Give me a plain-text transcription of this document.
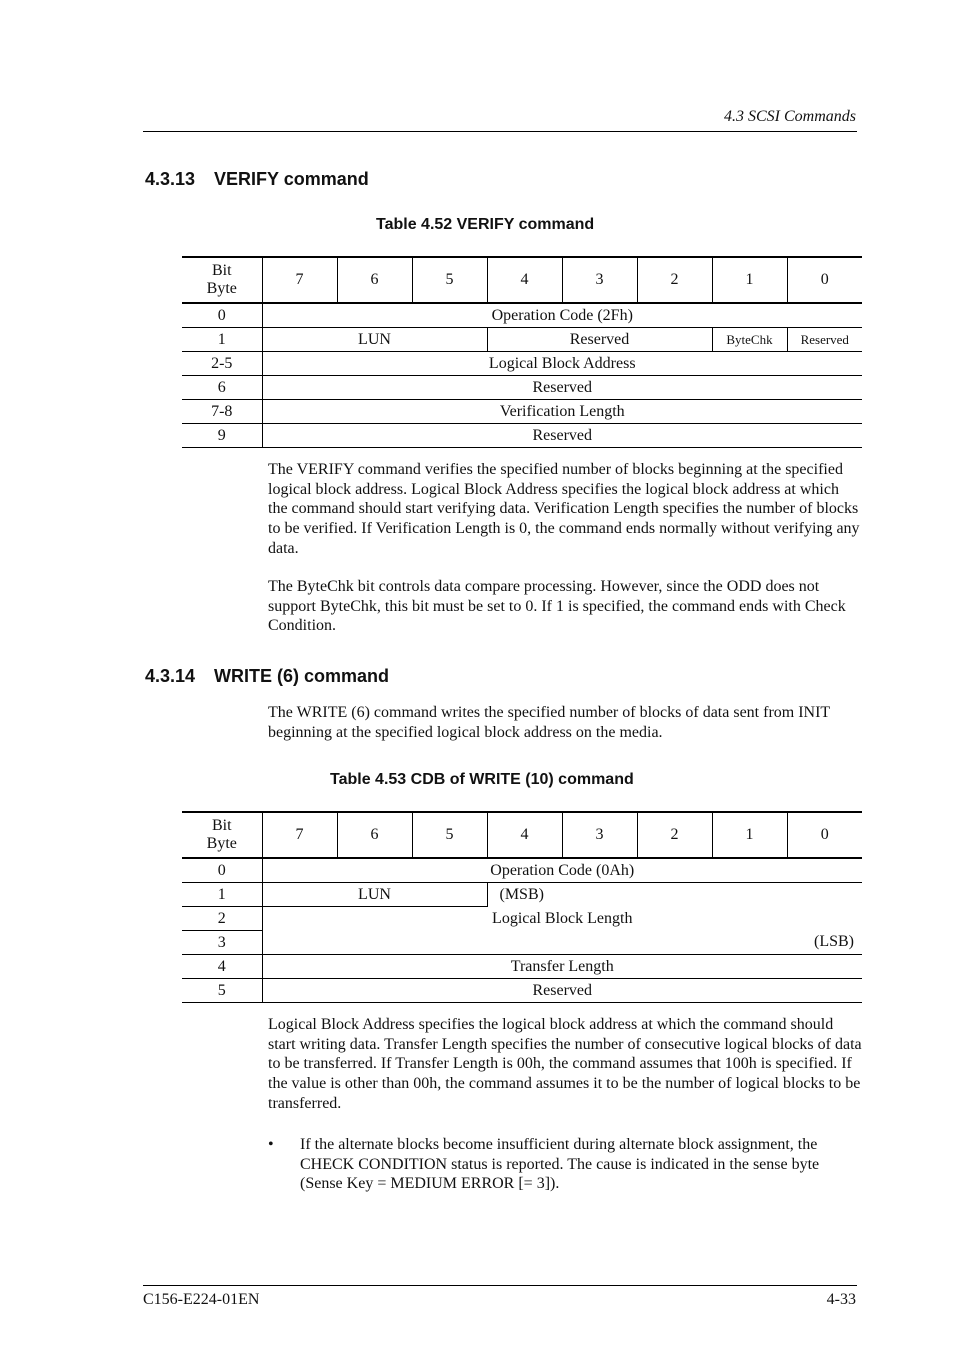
4.3 SCSI Commands
4.3.13 VERIFY command
Table 4.52 VERIFY command
Bit
Byte	7	6	5	4	3	2	1	0
0	Operation Code (2Fh)							
1	LUN			Reserved			ByteChk	Reserved
2-5	Logical Block Address							
6	Reserved							
7-8	Verification Length							
9	Reserved							

The VERIFY command verifies the specified number of blocks beginning at the specified logical block address. Logical Block Address specifies the logical block address at which the command should start verifying data. Verification Length specifies the number of blocks to be verified. If Verification Length is 0, the command ends normally without verifying any data.

The ByteChk bit controls data compare processing. However, since the ODD does not support ByteChk, this bit must be set to 0. If 1 is specified, the command ends with Check Condition.

4.3.14 WRITE (6) command

The WRITE (6) command writes the specified number of blocks of data sent from INIT beginning at the specified logical block address on the media.

Table 4.53 CDB of WRITE (10) command
Bit
Byte	7	6	5	4	3	2	1	0
0	Operation Code (0Ah)							
1	LUN			(MSB)				
2	Logical Block Length							
3	(LSB)							
4	Transfer Length							
5	Reserved							

Logical Block Address specifies the logical block address at which the command should start writing data. Transfer Length specifies the number of consecutive logical blocks of data to be transferred. If Transfer Length is 00h, the command assumes that 100h is specified. If the value is other than 00h, the command assumes it to be the number of logical blocks to be transferred.

• If the alternate blocks become insufficient during alternate block assignment, the CHECK CONDITION status is reported. The cause is indicated in the sense byte (Sense Key = MEDIUM ERROR [= 3]).
C156-E224-01EN	4-33
